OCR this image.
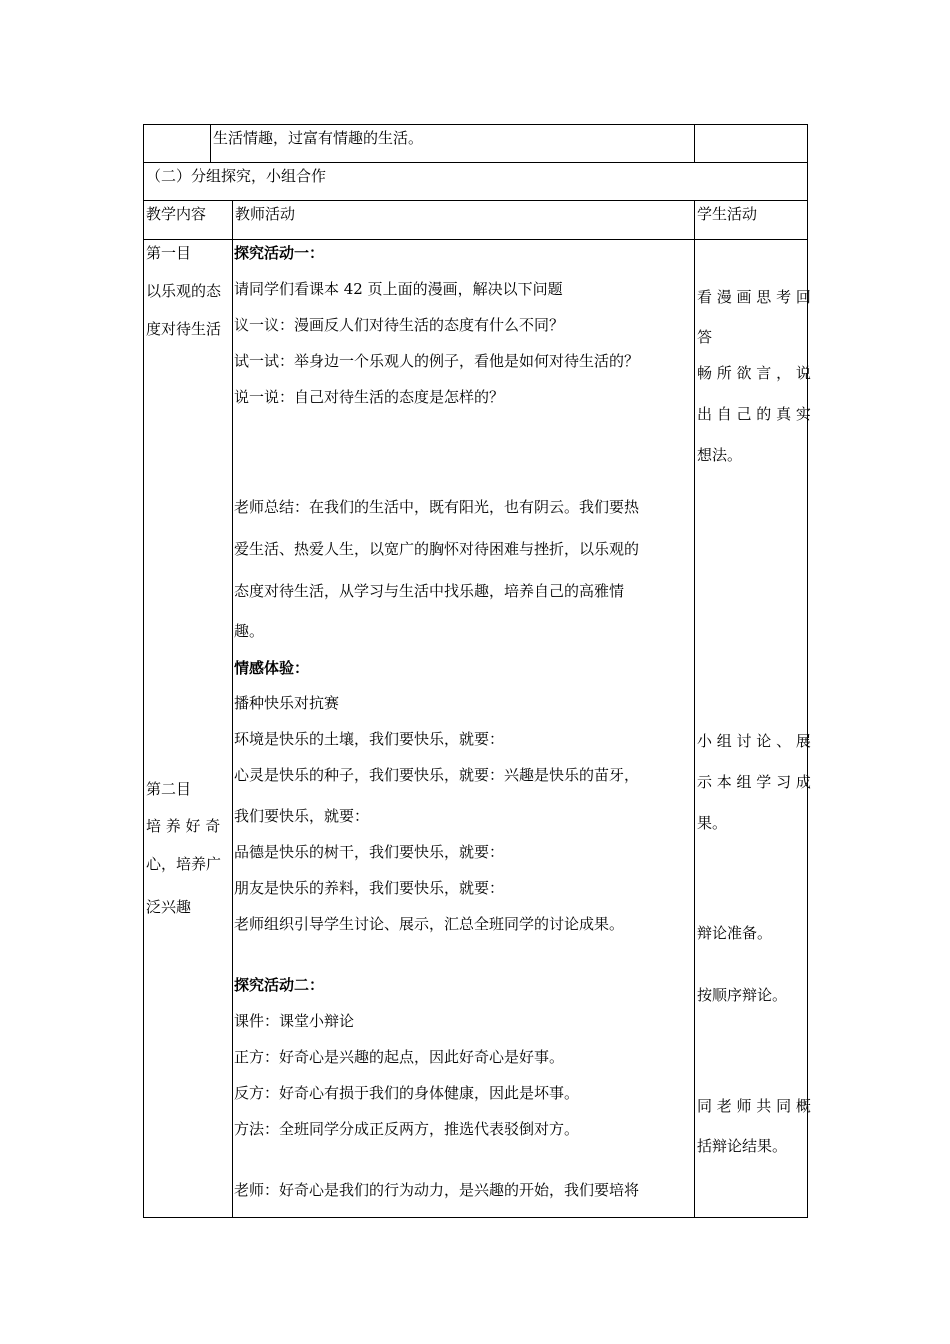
生活情趣，过富有情趣的生活。
（二）分组探究，小组合作
教学内容 教师活动	学生活动
第一目
以乐观的态
度对待生活
第二目
培 养 好 奇
心，培养广
泛兴趣
探究活动一：
请同学们看课本 42 页上面的漫画，解决以下问题
议一议：漫画反人们对待生活的态度有什么不同？
试一试：举身边一个乐观人的例子，看他是如何对待生活的？
说一说：自己对待生活的态度是怎样的？
老师总结：在我们的生活中，既有阳光，也有阴云。我们要热
爱生活、热爱人生，以宽广的胸怀对待困难与挫折，以乐观的
态度对待生活，从学习与生活中找乐趣，培养自己的高雅情
趣。
情感体验：
播种快乐对抗赛
环境是快乐的土壤，我们要快乐，就要：
心灵是快乐的种子，我们要快乐，就要：兴趣是快乐的苗牙，
我们要快乐，就要：
品德是快乐的树干，我们要快乐，就要：
朋友是快乐的养料，我们要快乐，就要：
老师组织引导学生讨论、展示，汇总全班同学的讨论成果。
探究活动二：
课件：课堂小辩论
正方：好奇心是兴趣的起点，因此好奇心是好事。
反方：好奇心有损于我们的身体健康，因此是坏事。
方法：全班同学分成正反两方，推选代表驳倒对方。
老师：好奇心是我们的行为动力，是兴趣的开始，我们要培将
看 漫 画 思 考 回
答
畅 所 欲 言 ， 说
出 自 己 的 真 实
想法。
小 组 讨 论 、 展
示 本 组 学 习 成
果。
辩论准备。
按顺序辩论。
同 老 师 共 同 概
括辩论结果。
